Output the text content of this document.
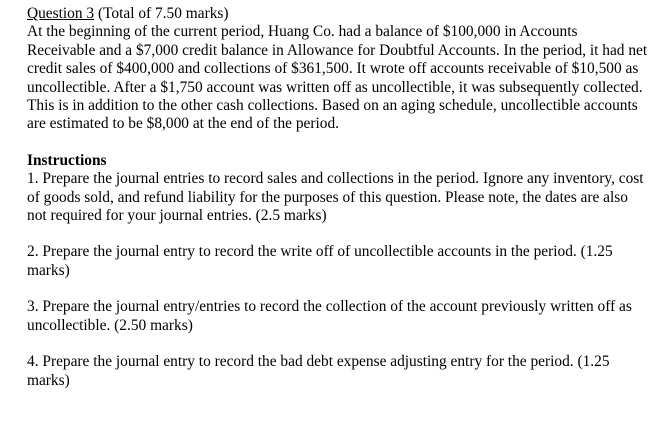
Question 3 (Total of 7.50 marks)

At the beginning of the current period, Huang Co. had a balance of $100,000 in Accounts Receivable and a $7,000 credit balance in Allowance for Doubtful Accounts. In the period, it had net credit sales of $400,000 and collections of $361,500. It wrote off accounts receivable of $10,500 as uncollectible. After a $1,750 account was written off as uncollectible, it was subsequently collected. This is in addition to the other cash collections. Based on an aging schedule, uncollectible accounts are estimated to be $8,000 at the end of the period.

Instructions

1. Prepare the journal entries to record sales and collections in the period. Ignore any inventory, cost of goods sold, and refund liability for the purposes of this question. Please note, the dates are also not required for your journal entries. (2.5 marks)

2. Prepare the journal entry to record the write off of uncollectible accounts in the period. (1.25 marks)

3. Prepare the journal entry/entries to record the collection of the account previously written off as uncollectible. (2.50 marks)

4. Prepare the journal entry to record the bad debt expense adjusting entry for the period. (1.25 marks)
